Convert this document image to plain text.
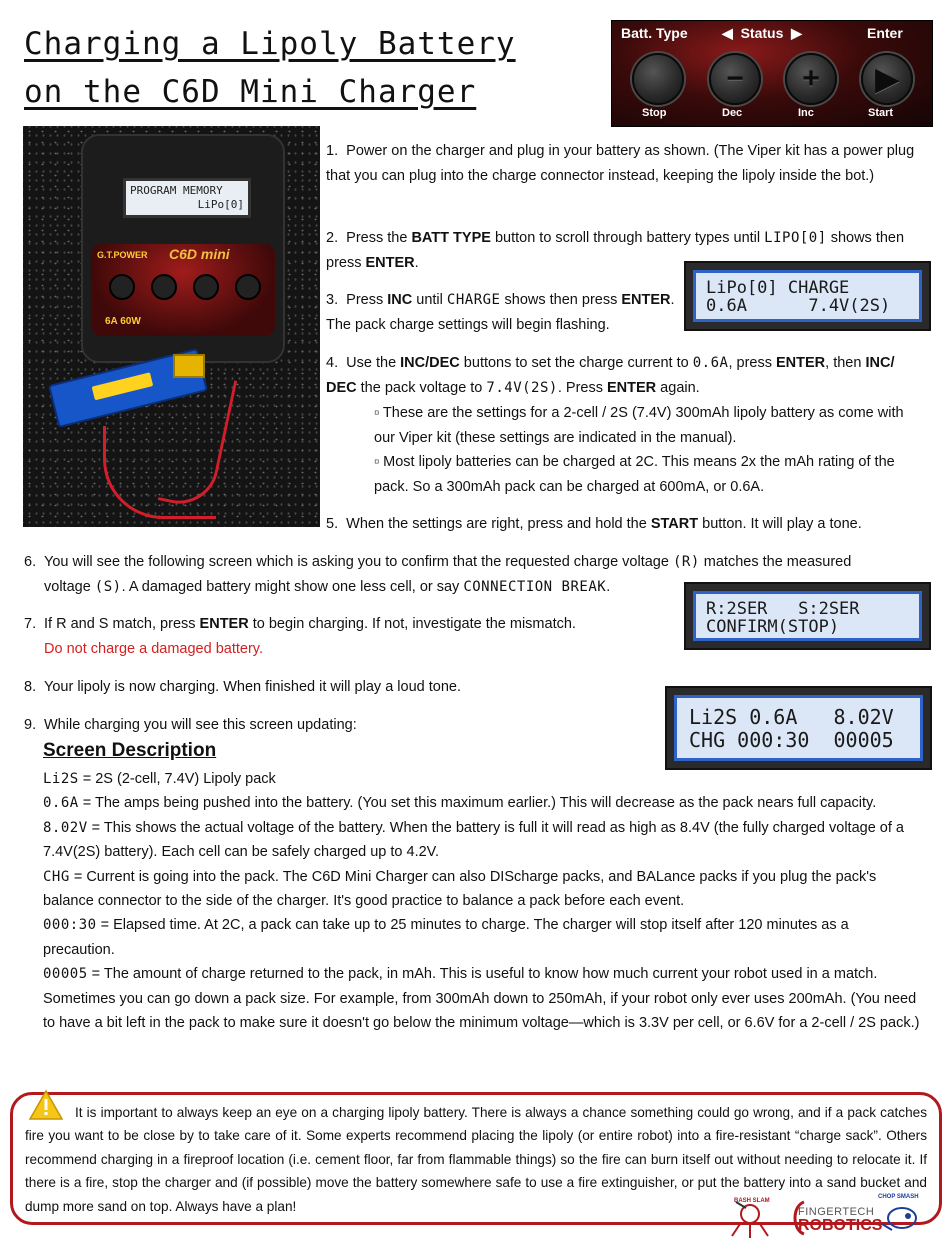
Charging a Lipoly Battery
on the C6D Mini Charger
Batt. Type ◀ Status ▶	Enter
− + ▶
Stop	Dec	Inc	Start
PROGRAM MEMORY
LiPo[0]
G.T.POWER C6D mini
6A 60W
1. Power on the charger and plug in your battery as shown. (The Viper kit has a power plug that you can plug into the charge connector instead, keeping the lipoly inside the bot.)
2. Press the BATT TYPE button to scroll through battery types until LIPO[0] shows then press ENTER.
LiPo[0] CHARGE
0.6A      7.4V(2S)
3. Press INC until CHARGE shows then press ENTER.
The pack charge settings will begin flashing.
4. Use the INC/DEC buttons to set the charge current to 0.6A, press ENTER, then INC/
DEC the pack voltage to 7.4V(2S). Press ENTER again.
▫ These are the settings for a 2-cell / 2S (7.4V) 300mAh lipoly battery as come with our Viper kit (these settings are indicated in the manual).
▫ Most lipoly batteries can be charged at 2C. This means 2x the mAh rating of the pack. So a 300mAh pack can be charged at 600mA, or 0.6A.
5. When the settings are right, press and hold the START button. It will play a tone.
6. You will see the following screen which is asking you to confirm that the requested charge voltage (R) matches the measured
voltage (S). A damaged battery might show one less cell, or say CONNECTION BREAK.
R:2SER   S:2SER
CONFIRM(STOP)
7. If R and S match, press ENTER to begin charging. If not, investigate the mismatch.
Do not charge a damaged battery.
Li2S 0.6A   8.02V
CHG 000:30  00005
8. Your lipoly is now charging. When finished it will play a loud tone.
9. While charging you will see this screen updating:
Screen Description
Li2S = 2S (2-cell, 7.4V) Lipoly pack
0.6A = The amps being pushed into the battery. (You set this maximum earlier.) This will decrease as the pack nears full capacity.
8.02V = This shows the actual voltage of the battery. When the battery is full it will read as high as 8.4V (the fully charged voltage of a 7.4V(2S) battery). Each cell can be safely charged up to 4.2V.
CHG = Current is going into the pack. The C6D Mini Charger can also DIScharge packs, and BALance packs if you plug the pack's balance connector to the side of the charger. It's good practice to balance a pack before each event.
000:30 = Elapsed time. At 2C, a pack can take up to 25 minutes to charge. The charger will stop itself after 120 minutes as a precaution.
00005 = The amount of charge returned to the pack, in mAh. This is useful to know how much current your robot used in a match. Sometimes you can go down a pack size. For example, from 300mAh down to 250mAh, if your robot only ever uses 200mAh. (You need to have a bit left in the pack to make sure it doesn't go below the minimum voltage—which is 3.3V per cell, or 6.6V for a 2-cell / 2S pack.)
It is important to always keep an eye on a charging lipoly battery. There is always a chance something could go wrong, and if a pack catches fire you want to be close by to take care of it. Some experts recommend placing the lipoly (or entire robot) into a fire-resistant “charge sack”. Others recommend charging in a fireproof location (i.e. cement floor, far from flammable things) so the fire can burn itself out without needing to relocate it. If there is a fire, stop the charger and (if possible) move the battery somewhere safe to use a fire extinguisher, or put the battery into a sand bucket and dump more sand on top. Always have a plan!	BASH SLAM
FINGERTECH
ROBOTICS
CHOP SMASH
